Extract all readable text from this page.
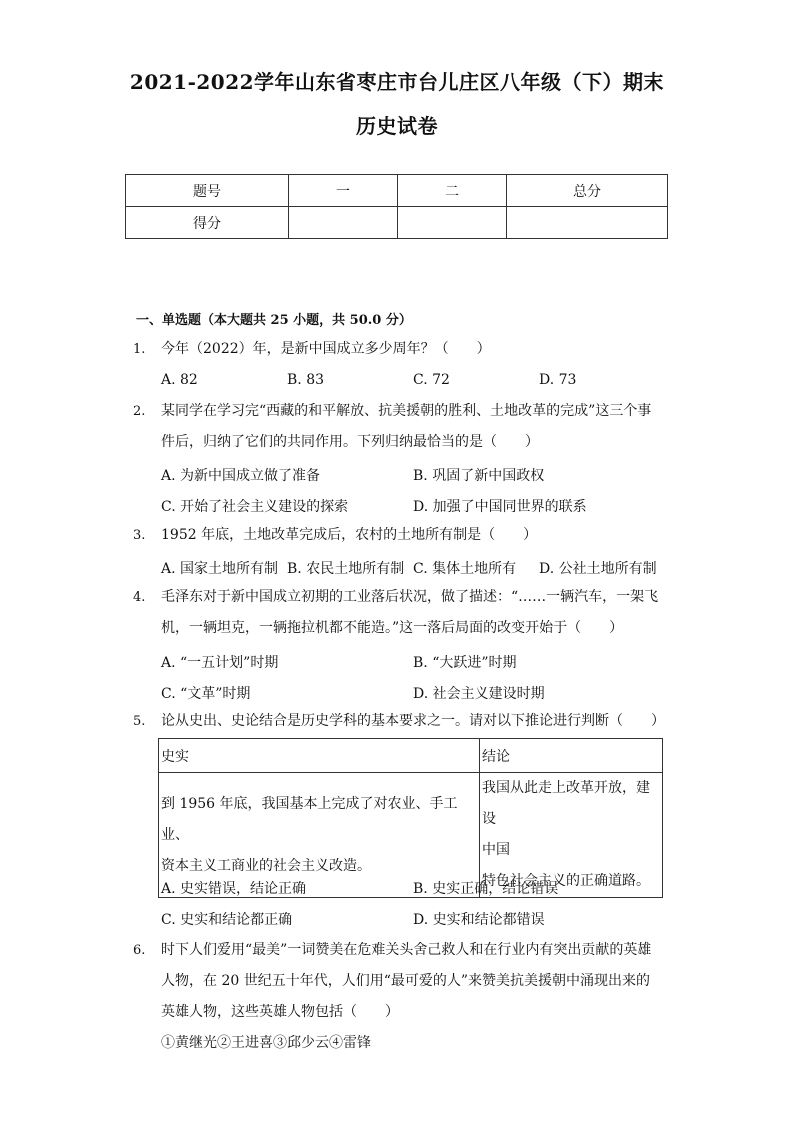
2021-2022学年山东省枣庄市台儿庄区八年级（下）期末
历史试卷
题号	一	二	总分
得分			
一、单选题（本大题共 25 小题，共 50.0 分）
1.	今年（2022）年，是新中国成立多少周年？（　　）
A. 82	B. 83	C. 72	D. 73
2.	某同学在学习完“西藏的和平解放、抗美援朝的胜利、土地改革的完成”这三个事
件后，归纳了它们的共同作用。下列归纳最恰当的是（　　）
A. 为新中国成立做了准备	B. 巩固了新中国政权
C. 开始了社会主义建设的探索	D. 加强了中国同世界的联系
3.	1952 年底，土地改革完成后，农村的土地所有制是（　　）
A. 国家土地所有制 B. 农民土地所有制 C. 集体土地所有 D. 公社土地所有制
4.	毛泽东对于新中国成立初期的工业落后状况，做了描述：“……一辆汽车，一架飞
机，一辆坦克，一辆拖拉机都不能造。”这一落后局面的改变开始于（　　）
A. “一五计划”时期	B. “大跃进”时期
C. “文革”时期	D. 社会主义建设时期
5.	论从史出、史论结合是历史学科的基本要求之一。请对以下推论进行判断（　　）
史实	结论

到 1956 年底，我国基本上完成了对农业、手工业、
资本主义工商业的社会主义改造。	我国从此走上改革开放，建设
中国
特色社会主义的正确道路。
A. 史实错误，结论正确	B. 史实正确，结论错误
C. 史实和结论都正确	D. 史实和结论都错误
6.	时下人们爱用“最美”一词赞美在危难关头舍己救人和在行业内有突出贡献的英雄
人物，在 20 世纪五十年代，人们用“最可爱的人”来赞美抗美援朝中涌现出来的
英雄人物，这些英雄人物包括（　　）
①黄继光②王进喜③邱少云④雷锋
